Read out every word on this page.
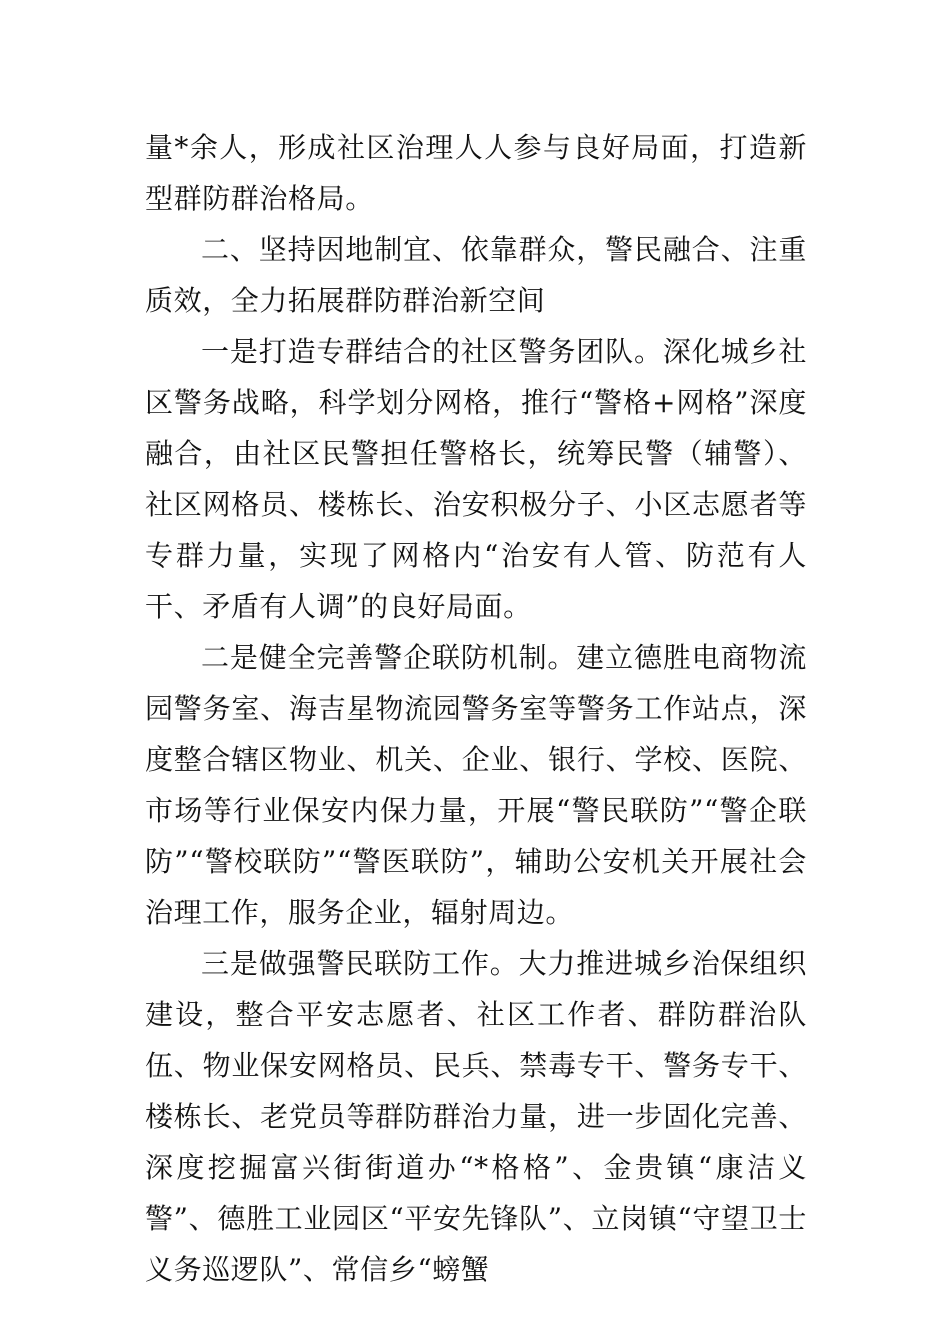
量*余人，形成社区治理人人参与良好局面，打造新型群防群治格局。

二、坚持因地制宜、依靠群众，警民融合、注重质效，全力拓展群防群治新空间

一是打造专群结合的社区警务团队。深化城乡社区警务战略，科学划分网格，推行“警格+网格”深度融合，由社区民警担任警格长，统筹民警（辅警）、社区网格员、楼栋长、治安积极分子、小区志愿者等专群力量，实现了网格内“治安有人管、防范有人干、矛盾有人调”的良好局面。

二是健全完善警企联防机制。建立德胜电商物流园警务室、海吉星物流园警务室等警务工作站点，深度整合辖区物业、机关、企业、银行、学校、医院、市场等行业保安内保力量，开展“警民联防”“警企联防”“警校联防”“警医联防”，辅助公安机关开展社会治理工作，服务企业，辐射周边。

三是做强警民联防工作。大力推进城乡治保组织建设，整合平安志愿者、社区工作者、群防群治队伍、物业保安网格员、民兵、禁毒专干、警务专干、楼栋长、老党员等群防群治力量，进一步固化完善、深度挖掘富兴街街道办“*格格”、金贵镇“康洁义警”、德胜工业园区“平安先锋队”、立岗镇“守望卫士义务巡逻队”、常信乡“螃蟹
